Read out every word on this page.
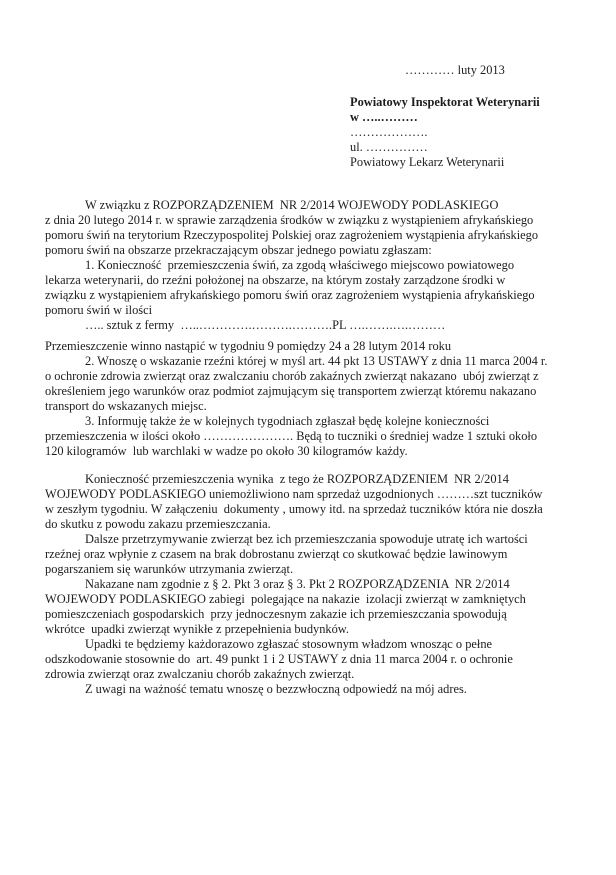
………… luty 2013
Powiatowy Inspektorat Weterynarii
w …..………
……………….
ul. ……………
Powiatowy Lekarz Weterynarii
W związku z ROZPORZĄDZENIEM  NR 2/2014 WOJEWODY PODLASKIEGO
z dnia 20 lutego 2014 r. w sprawie zarządzenia środków w związku z wystąpieniem afrykańskiego
pomoru świń na terytorium Rzeczypospolitej Polskiej oraz zagrożeniem wystąpienia afrykańskiego
pomoru świń na obszarze przekraczającym obszar jednego powiatu zgłaszam:
1. Konieczność  przemieszczenia świń, za zgodą właściwego miejscowo powiatowego
lekarza weterynarii, do rzeźni położonej na obszarze, na którym zostały zarządzone środki w
związku z wystąpieniem afrykańskiego pomoru świń oraz zagrożeniem wystąpienia afrykańskiego
pomoru świń w ilości
….. sztuk z fermy  …..………….……….……….PL ….…….….………
Przemieszczenie winno nastąpić w tygodniu 9 pomiędzy 24 a 28 lutym 2014 roku
2. Wnoszę o wskazanie rzeźni której w myśl art. 44 pkt 13 USTAWY z dnia 11 marca 2004 r.
o ochronie zdrowia zwierząt oraz zwalczaniu chorób zakaźnych zwierząt nakazano  ubój zwierząt z
określeniem jego warunków oraz podmiot zajmującym się transportem zwierząt któremu nakazano
transport do wskazanych miejsc.
3. Informuję także że w kolejnych tygodniach zgłaszał będę kolejne konieczności
przemieszczenia w ilości około …………………. Będą to tuczniki o średniej wadze 1 sztuki około
120 kilogramów  lub warchlaki w wadze po około 30 kilogramów każdy.
Konieczność przemieszczenia wynika  z tego że ROZPORZĄDZENIEM  NR 2/2014
WOJEWODY PODLASKIEGO uniemożliwiono nam sprzedaż uzgodnionych ………szt tuczników
w zeszłym tygodniu. W załączeniu  dokumenty , umowy itd. na sprzedaż tuczników która nie doszła
do skutku z powodu zakazu przemieszczania.
Dalsze przetrzymywanie zwierząt bez ich przemieszczania spowoduje utratę ich wartości
rzeźnej oraz wpłynie z czasem na brak dobrostanu zwierząt co skutkować będzie lawinowym
pogarszaniem się warunków utrzymania zwierząt.
Nakazane nam zgodnie z § 2. Pkt 3 oraz § 3. Pkt 2 ROZPORZĄDZENIA  NR 2/2014
WOJEWODY PODLASKIEGO zabiegi  polegające na nakazie  izolacji zwierząt w zamkniętych
pomieszczeniach gospodarskich  przy jednoczesnym zakazie ich przemieszczania spowodują
wkrótce  upadki zwierząt wynikłe z przepełnienia budynków.
Upadki te będziemy każdorazowo zgłaszać stosownym władzom wnosząc o pełne
odszkodowanie stosownie do  art. 49 punkt 1 i 2 USTAWY z dnia 11 marca 2004 r. o ochronie
zdrowia zwierząt oraz zwalczaniu chorób zakaźnych zwierząt.
Z uwagi na ważność tematu wnoszę o bezzwłoczną odpowiedź na mój adres.
